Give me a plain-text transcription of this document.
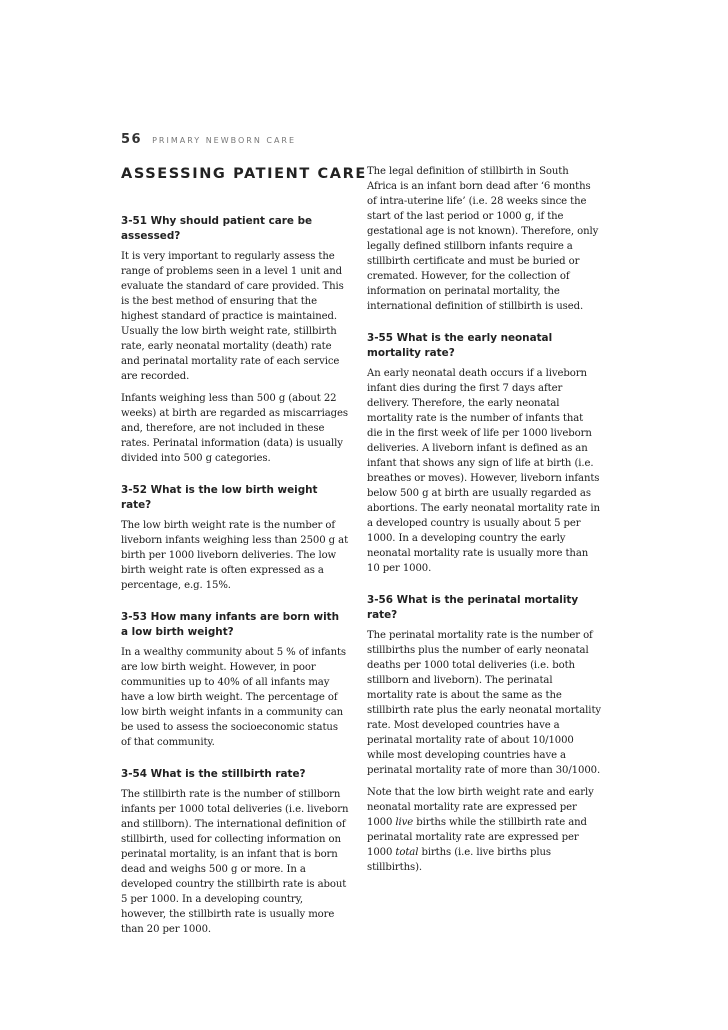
56 PRIMARY NEWBORN CARE
ASSESSING PATIENT CARE
3-51 Why should patient care be assessed?

It is very important to regularly assess the range of problems seen in a level 1 unit and evaluate the standard of care provided. This is the best method of ensuring that the highest standard of practice is maintained. Usually the low birth weight rate, stillbirth rate, early neonatal mortality (death) rate and perinatal mortality rate of each service are recorded.

Infants weighing less than 500 g (about 22 weeks) at birth are regarded as miscarriages and, therefore, are not included in these rates. Perinatal information (data) is usually divided into 500 g categories.

3-52 What is the low birth weight rate?

The low birth weight rate is the number of liveborn infants weighing less than 2500 g at birth per 1000 liveborn deliveries. The low birth weight rate is often expressed as a percentage, e.g. 15%.

3-53 How many infants are born with a low birth weight?

In a wealthy community about 5 % of infants are low birth weight. However, in poor communities up to 40% of all infants may have a low birth weight. The percentage of low birth weight infants in a community can be used to assess the socioeconomic status of that community.

3-54 What is the stillbirth rate?

The stillbirth rate is the number of stillborn infants per 1000 total deliveries (i.e. liveborn and stillborn). The international definition of stillbirth, used for collecting information on perinatal mortality, is an infant that is born dead and weighs 500 g or more. In a developed country the stillbirth rate is about 5 per 1000. In a developing country, however, the stillbirth rate is usually more than 20 per 1000.

The legal definition of stillbirth in South Africa is an infant born dead after ‘6 months of intra-uterine life’ (i.e. 28 weeks since the start of the last period or 1000 g, if the gestational age is not known). Therefore, only legally defined stillborn infants require a stillbirth certificate and must be buried or cremated. However, for the collection of information on perinatal mortality, the international definition of stillbirth is used.

3-55 What is the early neonatal mortality rate?

An early neonatal death occurs if a liveborn infant dies during the first 7 days after delivery. Therefore, the early neonatal mortality rate is the number of infants that die in the first week of life per 1000 liveborn deliveries. A liveborn infant is defined as an infant that shows any sign of life at birth (i.e. breathes or moves). However, liveborn infants below 500 g at birth are usually regarded as abortions. The early neonatal mortality rate in a developed country is usually about 5 per 1000. In a developing country the early neonatal mortality rate is usually more than 10 per 1000.

3-56 What is the perinatal mortality rate?

The perinatal mortality rate is the number of stillbirths plus the number of early neonatal deaths per 1000 total deliveries (i.e. both stillborn and liveborn). The perinatal mortality rate is about the same as the stillbirth rate plus the early neonatal mortality rate. Most developed countries have a perinatal mortality rate of about 10/1000 while most developing countries have a perinatal mortality rate of more than 30/1000.

Note that the low birth weight rate and early neonatal mortality rate are expressed per 1000 live births while the stillbirth rate and perinatal mortality rate are expressed per 1000 total births (i.e. live births plus stillbirths).
